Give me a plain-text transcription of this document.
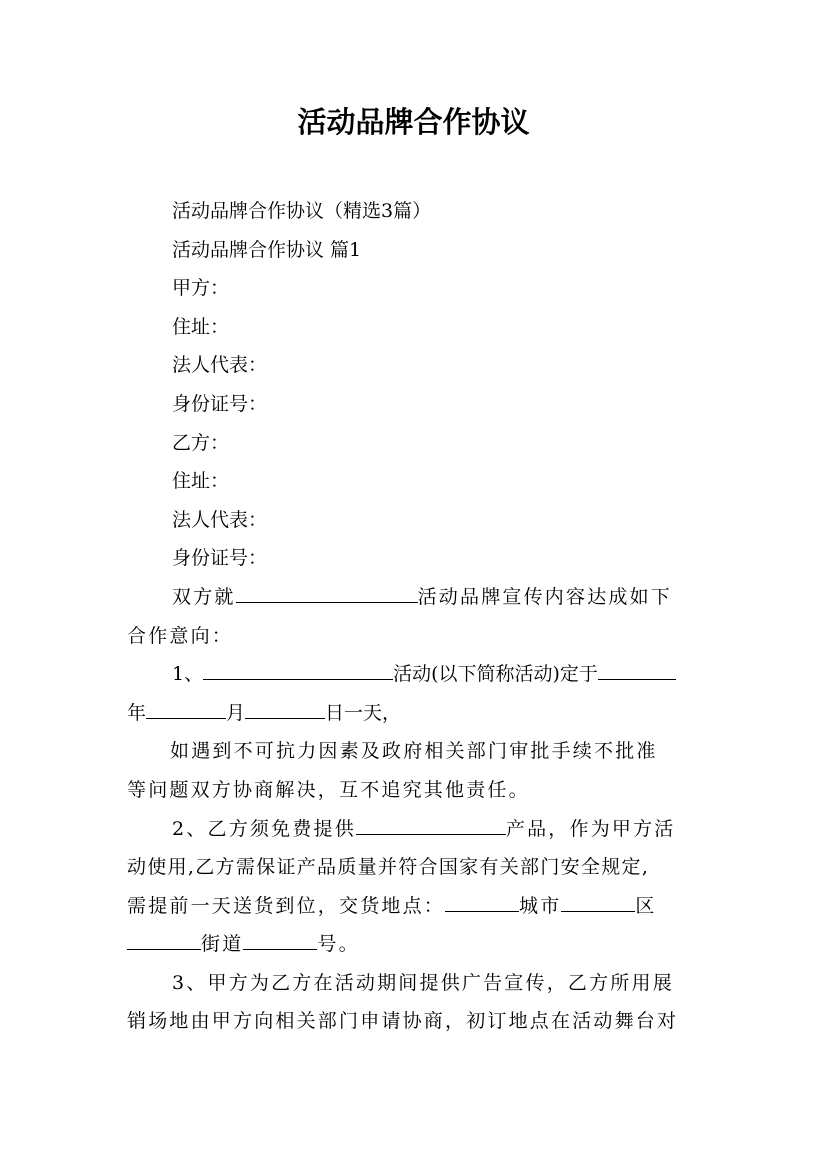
活动品牌合作协议
活动品牌合作协议（精选3篇）
活动品牌合作协议 篇1
甲方：
住址：
法人代表：
身份证号：
乙方：
住址：
法人代表：
身份证号：
双方就	活动品牌宣传内容达成如下
合作意向：
1、	活动(以下简称活动)定于
年	月	日一天，
如遇到不可抗力因素及政府相关部门审批手续不批准
等问题双方协商解决，互不追究其他责任。
2、乙方须免费提供	产品，作为甲方活
动使用,乙方需保证产品质量并符合国家有关部门安全规定,
需提前一天送货到位，交货地点：	城市	区
街道	号。
3、甲方为乙方在活动期间提供广告宣传，乙方所用展
销场地由甲方向相关部门申请协商，初订地点在活动舞台对
